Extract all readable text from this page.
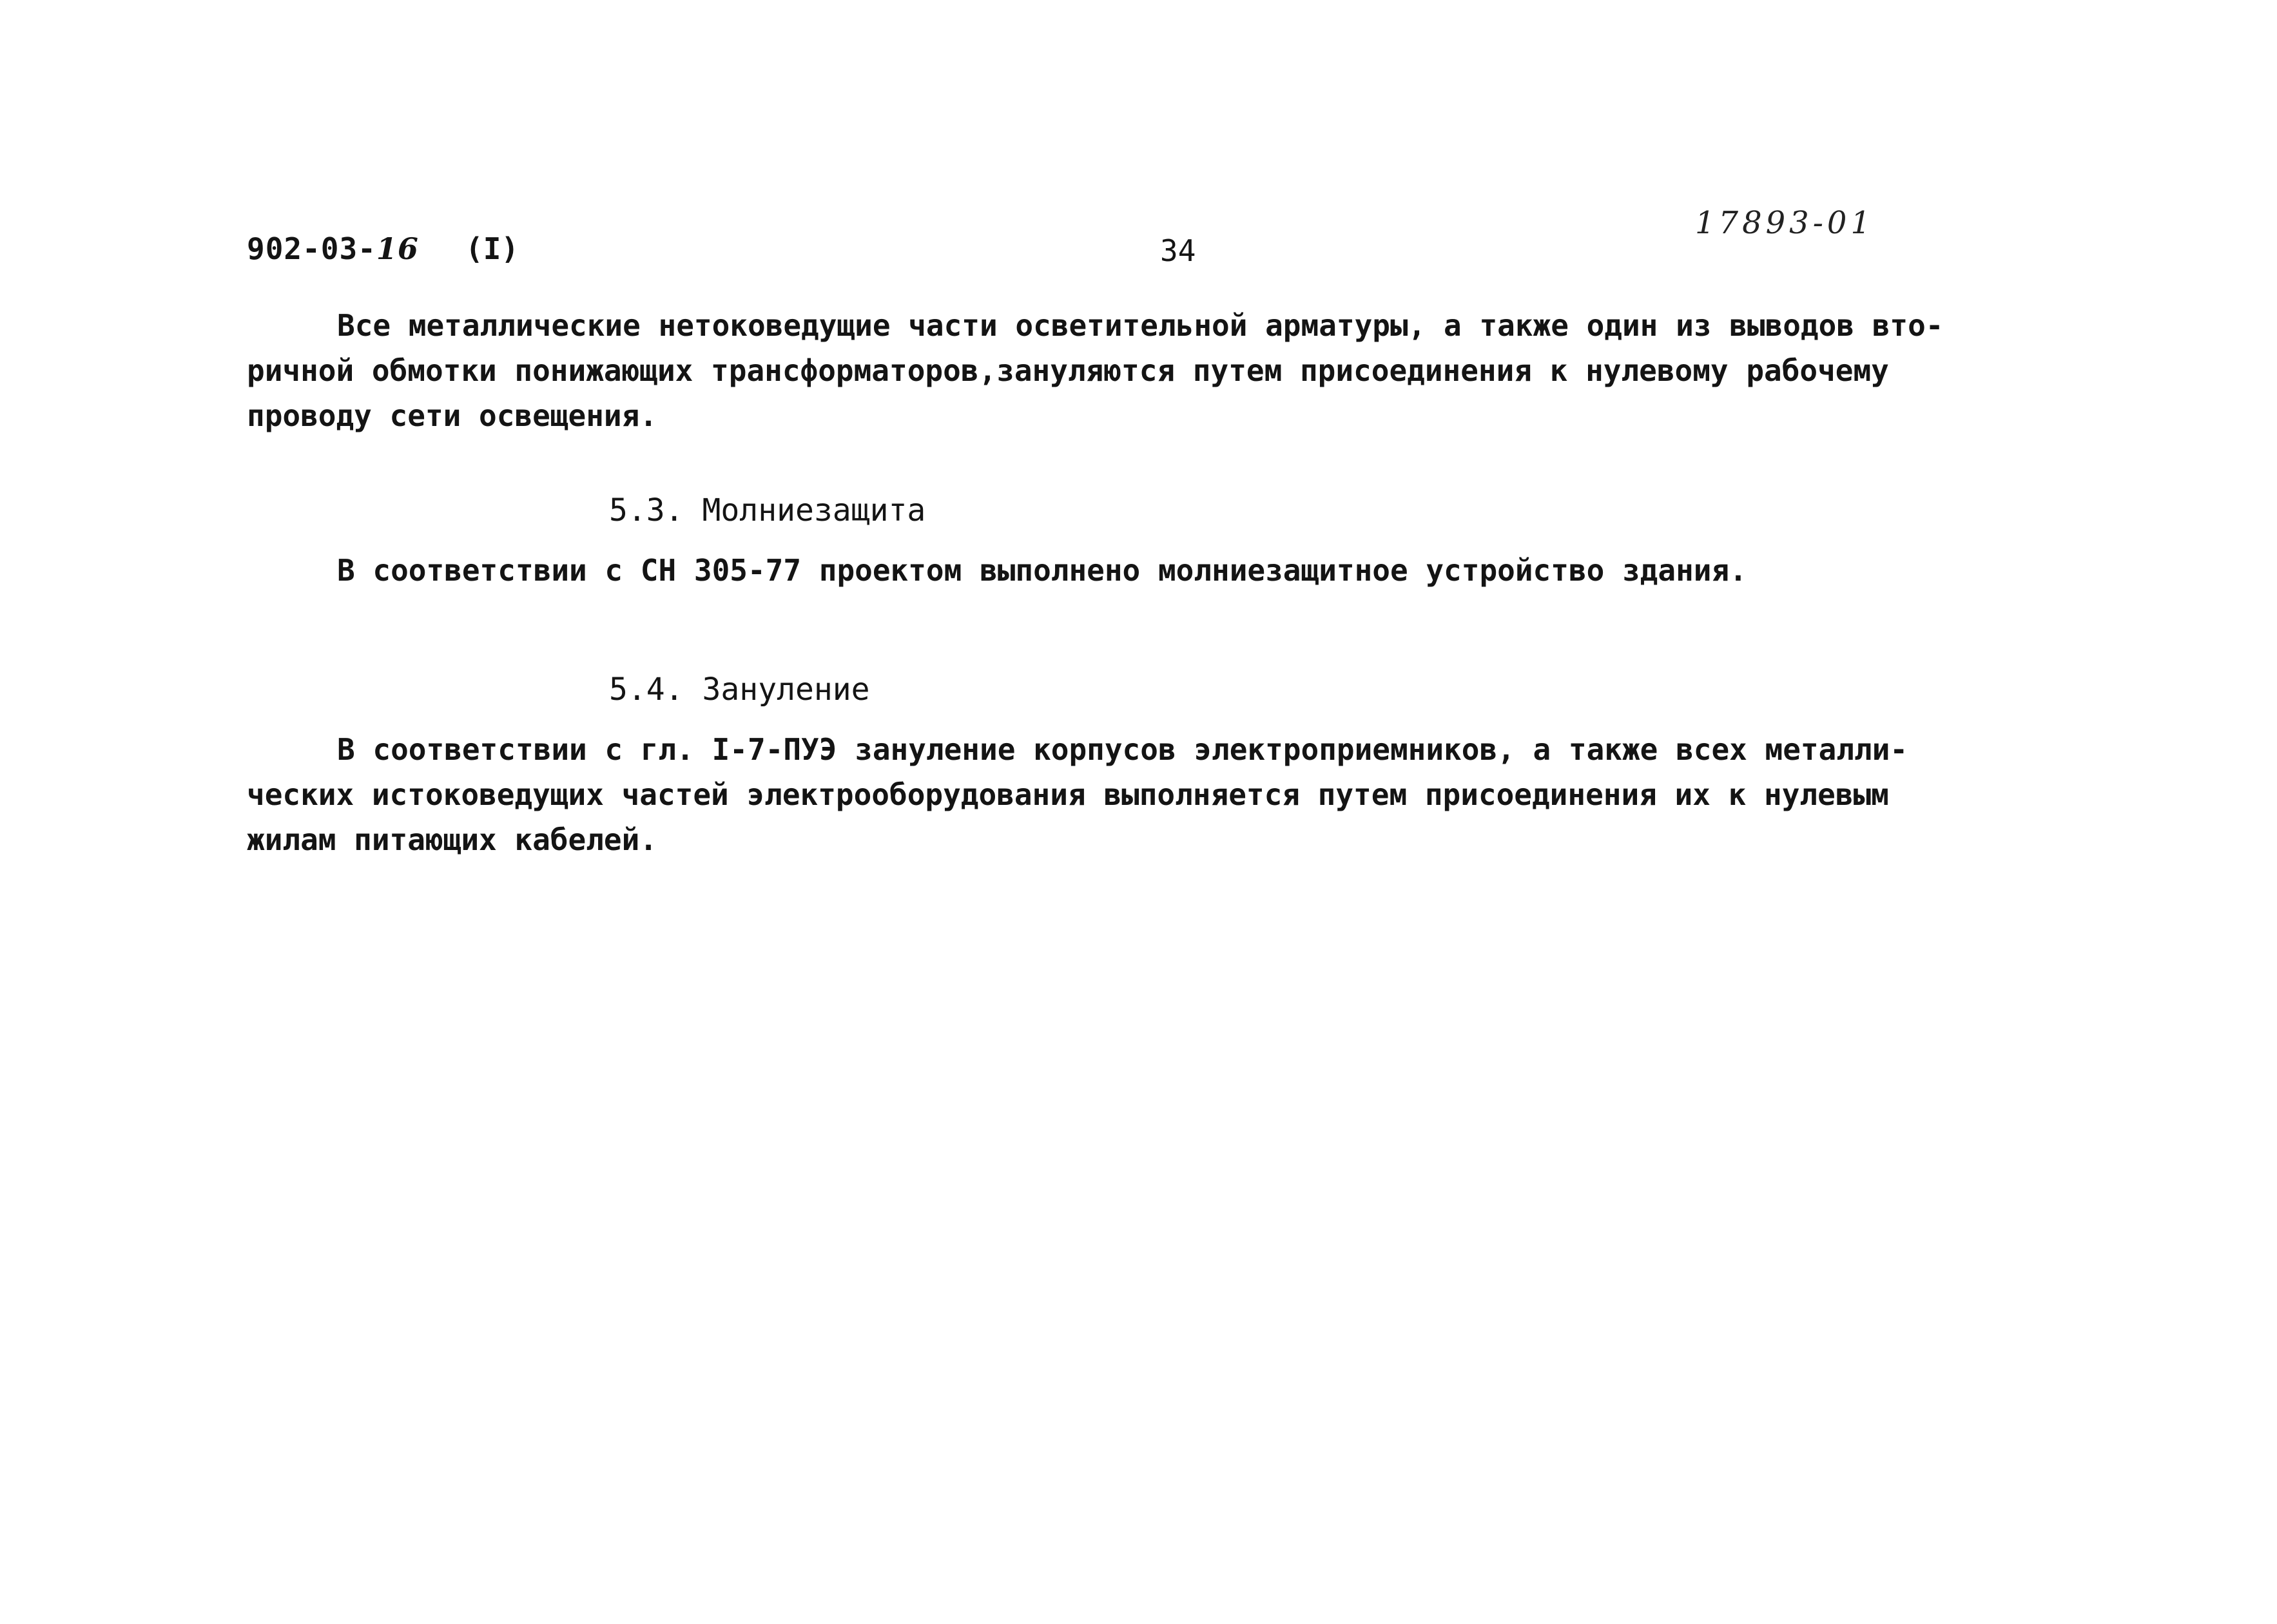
902-03-16 (I)	34
17893-01

Все металлические нетоковедущие части осветительной арматуры, а также один из выводов вто-
ричной обмотки понижающих трансформаторов,зануляются путем присоединения к нулевому рабочему
проводу сети освещения.

5.3. Молниезащита

В соответствии с СН 305-77 проектом выполнено молниезащитное устройство здания.

5.4. Зануление

В соответствии с гл. I-7-ПУЭ зануление корпусов электроприемников, а также всех металли-
ческих истоковедущих частей электрооборудования выполняется путем присоединения их к нулевым
жилам питающих кабелей.
